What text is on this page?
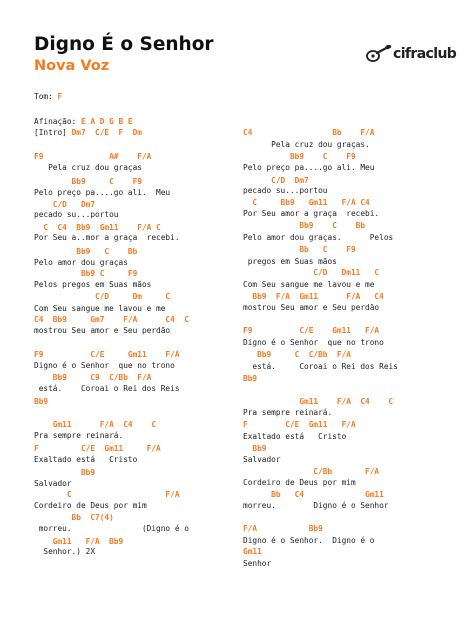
Digno É o Senhor
Nova Voz
cifraclub
Tom: F
Afinação: E A D G B E
[Intro] Dm7  C/E  F  Dm
F9              A#    F/A
Pela cruz dou graças
Bb9     C    F9
Pelo preço pa....go ali.  Meu
C/D   Dm7
pecado su...portou
C  C4  Bb9  Gm11    F/A C
Por Seu a..mor a graça  recebi.
Bb9   C    Bb
Pelo amor dou graças
Bb9 C     F9
Pelos pregos em Suas mãos
C/D     Dm     C
Com Seu sangue me lavou e me
C4  Bb9     Gm7    F/A      C4  C
mostrou Seu amor e Seu perdão
F9          C/E     Gm11    F/A
Digno é o Senhor  que no trono
Bb9     C9  C/Bb  F/A
está.    Coroai o Rei dos Reis
Bb9
Gm11      F/A  C4    C
Pra sempre reinará.
F         C/E  Gm11     F/A
Exaltado está   Cristo
Bb9
Salvador
C                    F/A
Cordeiro de Deus por mim
Bb  C7(4)
morreu.               (Digno é o
Gm11   F/A  Bb9
Senhor.) 2X
C4                 Bb    F/A
Pela cruz dou graças.
Bb9    C    F9
Pelo preço pa....go ali. Meu
C/D  Dm7
pecado su...portou
C     Bb9   Gm11   F/A C4
Por Seu amor a graça  recebi.
Bb9    C    Bb
Pelo amor dou graças.      Pelos
Bb   C    F9
pregos em Suas mãos
C/D   Dm11   C
Com Seu sangue me lavou e me
Bb9  F/A  Gm11      F/A   C4
mostrou Seu amor e Seu perdão
F9          C/E    Gm11   F/A
Digno é o Senhor  que no trono
Bb9     C  C/Bb  F/A
está.     Coroai o Rei dos Reis
Bb9
Gm11    F/A  C4    C
Pra sempre reinará.
F        C/E  Gm11   F/A
Exaltado está   Cristo
Bb9
Salvador
C/Bb       F/A
Cordeiro de Deus por mim
Bb   C4             Gm11
morreu.        Digno é o Senhor
F/A           Bb9
Digno é o Senhor.  Digno é o
Gm11
Senhor
